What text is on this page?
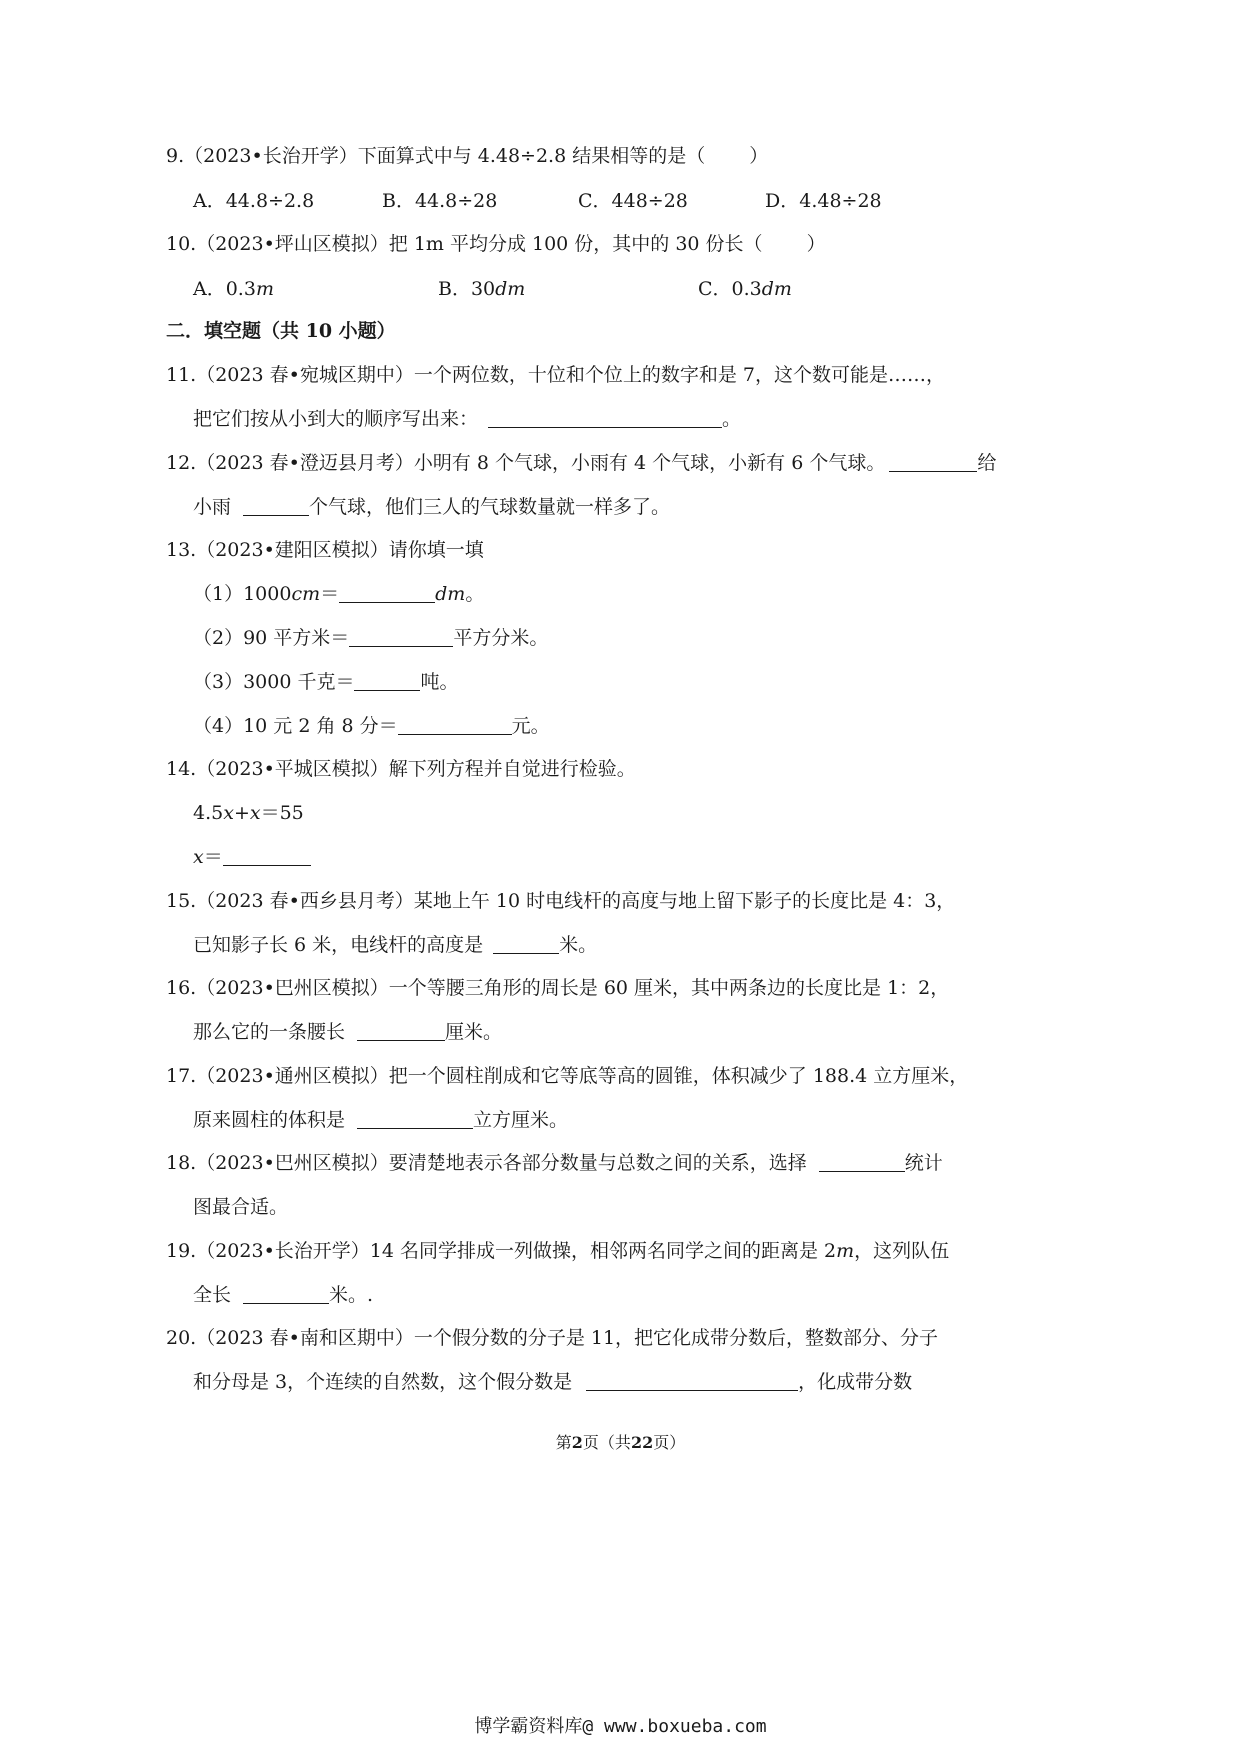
9.（2023•长治开学）下面算式中与 4.48÷2.8 结果相等的是（ ）
A．44.8÷2.8	B．44.8÷28	C．448÷28	D．4.48÷28
10.（2023•坪山区模拟）把 1m 平均分成 100 份，其中的 30 份长（ ）
A．0.3m	B．30dm	C．0.3dm
二．填空题（共 10 小题）
11.（2023 春•宛城区期中）一个两位数，十位和个位上的数字和是 7，这个数可能是……，
把它们按从小到大的顺序写出来：	。
12.（2023 春•澄迈县月考）小明有 8 个气球，小雨有 4 个气球，小新有 6 个气球。	给
小雨	个气球，他们三人的气球数量就一样多了。
13.（2023•建阳区模拟）请你填一填
（1）1000cm＝	dm。
（2）90 平方米＝	平方分米。
（3）3000 千克＝	吨。
（4）10 元 2 角 8 分＝	元。
14.（2023•平城区模拟）解下列方程并自觉进行检验。
4.5x+x＝55
x＝
15.（2023 春•西乡县月考）某地上午 10 时电线杆的高度与地上留下影子的长度比是 4：3，
已知影子长 6 米，电线杆的高度是	米。
16.（2023•巴州区模拟）一个等腰三角形的周长是 60 厘米，其中两条边的长度比是 1：2，
那么它的一条腰长	厘米。
17.（2023•通州区模拟）把一个圆柱削成和它等底等高的圆锥，体积减少了 188.4 立方厘米，
原来圆柱的体积是	立方厘米。
18.（2023•巴州区模拟）要清楚地表示各部分数量与总数之间的关系，选择	统计
图最合适。
19.（2023•长治开学）14 名同学排成一列做操，相邻两名同学之间的距离是 2m，这列队伍
全长	米。.
20.（2023 春•南和区期中）一个假分数的分子是 11，把它化成带分数后，整数部分、分子
和分母是 3，个连续的自然数，这个假分数是	，化成带分数
第2页（共22页）
博学霸资料库@ www.boxueba.com
